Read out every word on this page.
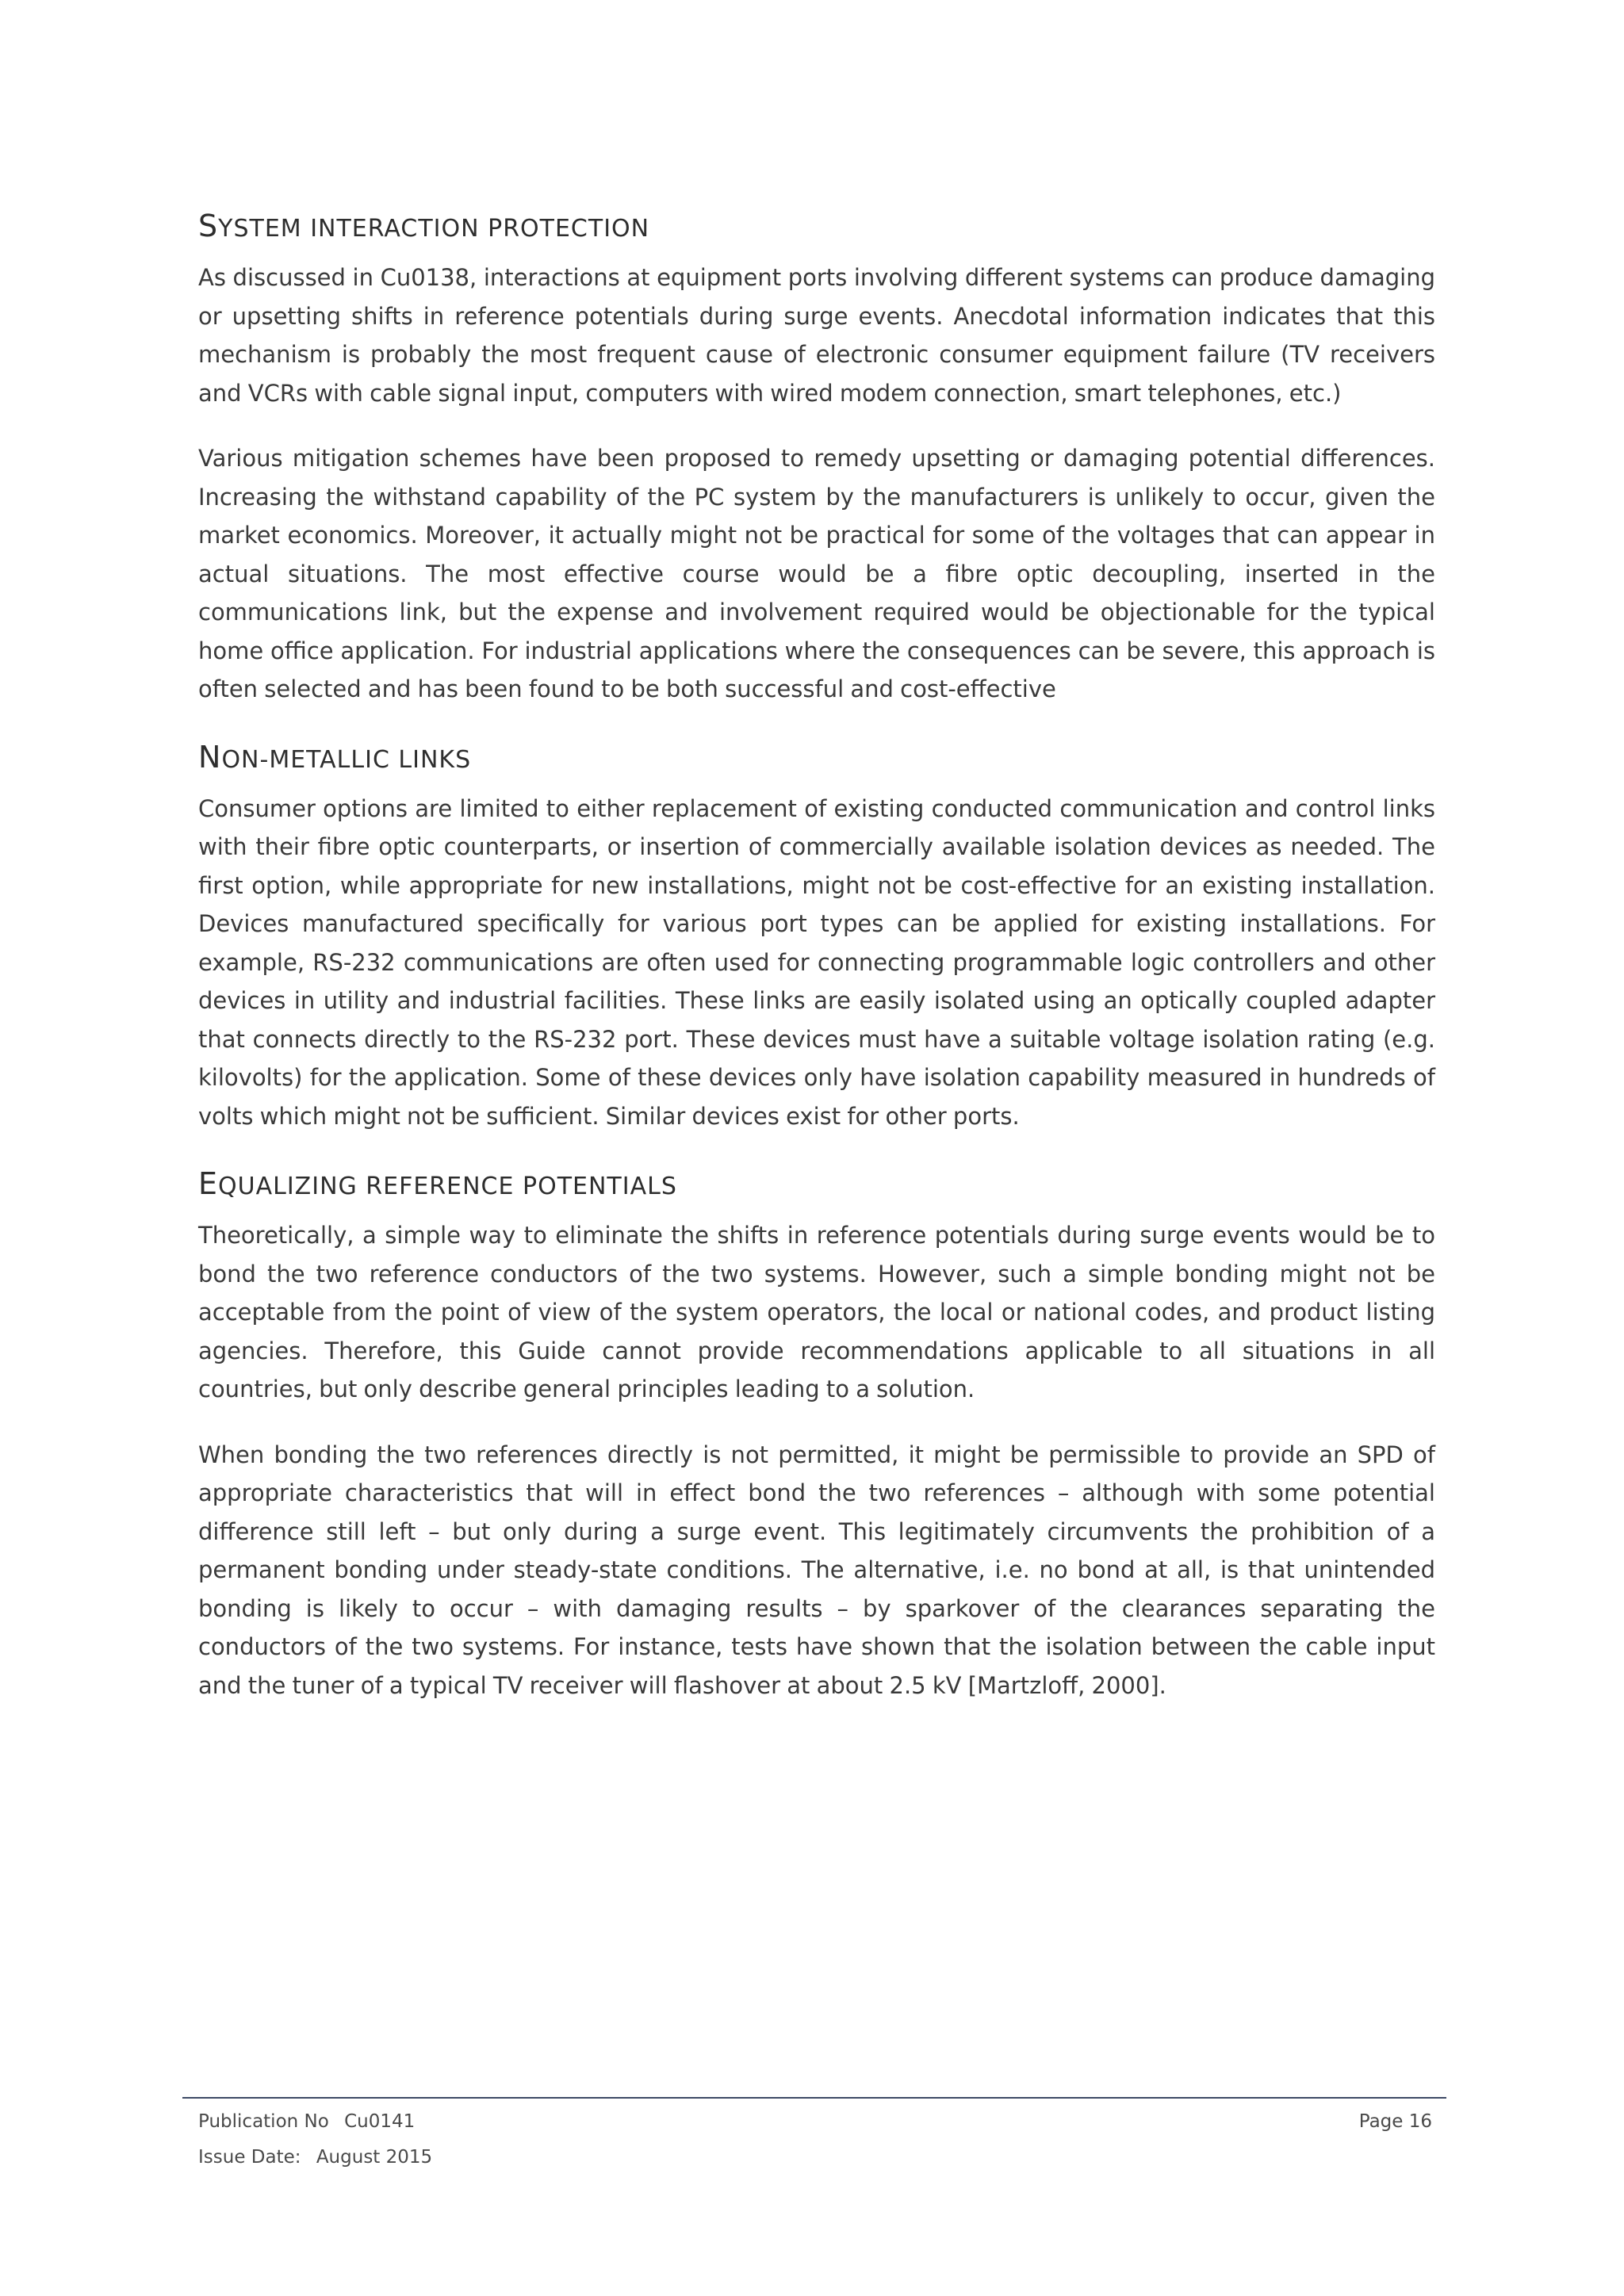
SYSTEM INTERACTION PROTECTION

As discussed in Cu0138, interactions at equipment ports involving different systems can produce damaging or upsetting shifts in reference potentials during surge events. Anecdotal information indicates that this mechanism is probably the most frequent cause of electronic consumer equipment failure (TV receivers and VCRs with cable signal input, computers with wired modem connection, smart telephones, etc.)

Various mitigation schemes have been proposed to remedy upsetting or damaging potential differences. Increasing the withstand capability of the PC system by the manufacturers is unlikely to occur, given the market economics. Moreover, it actually might not be practical for some of the voltages that can appear in actual situations. The most effective course would be a fibre optic decoupling, inserted in the communications link, but the expense and involvement required would be objectionable for the typical home office application. For industrial applications where the consequences can be severe, this approach is often selected and has been found to be both successful and cost-effective

NON-METALLIC LINKS

Consumer options are limited to either replacement of existing conducted communication and control links with their fibre optic counterparts, or insertion of commercially available isolation devices as needed. The first option, while appropriate for new installations, might not be cost-effective for an existing installation. Devices manufactured specifically for various port types can be applied for existing installations. For example, RS-232 communications are often used for connecting programmable logic controllers and other devices in utility and industrial facilities. These links are easily isolated using an optically coupled adapter that connects directly to the RS-232 port. These devices must have a suitable voltage isolation rating (e.g. kilovolts) for the application. Some of these devices only have isolation capability measured in hundreds of volts which might not be sufficient. Similar devices exist for other ports.

EQUALIZING REFERENCE POTENTIALS

Theoretically, a simple way to eliminate the shifts in reference potentials during surge events would be to bond the two reference conductors of the two systems. However, such a simple bonding might not be acceptable from the point of view of the system operators, the local or national codes, and product listing agencies. Therefore, this Guide cannot provide recommendations applicable to all situations in all countries, but only describe general principles leading to a solution.

When bonding the two references directly is not permitted, it might be permissible to provide an SPD of appropriate characteristics that will in effect bond the two references – although with some potential difference still left – but only during a surge event. This legitimately circumvents the prohibition of a permanent bonding under steady-state conditions. The alternative, i.e. no bond at all, is that unintended bonding is likely to occur – with damaging results – by sparkover of the clearances separating the conductors of the two systems. For instance, tests have shown that the isolation between the cable input and the tuner of a typical TV receiver will flashover at about 2.5 kV [Martzloff, 2000].

Publication No Cu0141	Page 16
Issue Date: August 2015
